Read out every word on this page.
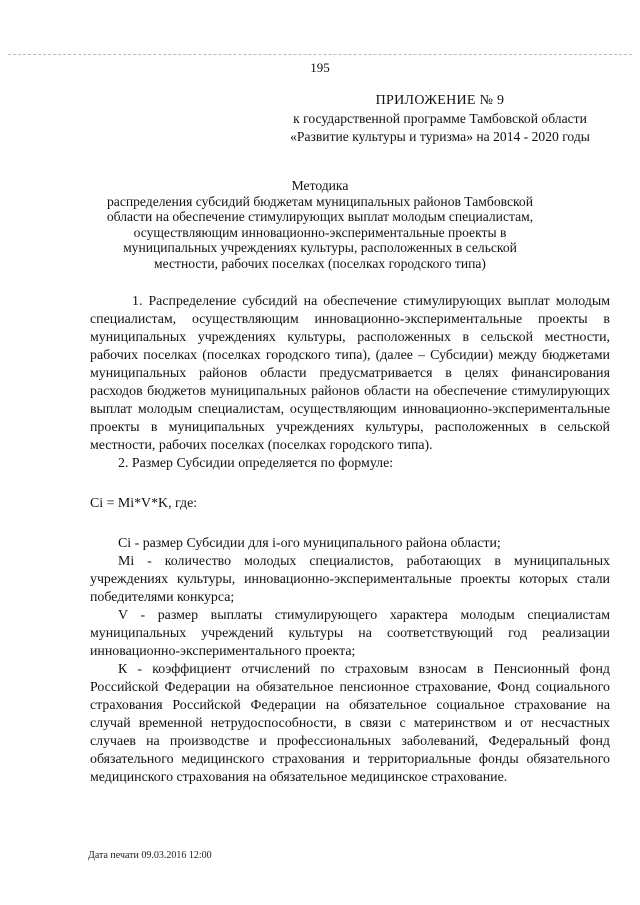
195
ПРИЛОЖЕНИЕ № 9
к государственной программе Тамбовской области
«Развитие культуры и туризма» на 2014 - 2020 годы
Методика
распределения субсидий бюджетам муниципальных районов Тамбовской
области на обеспечение стимулирующих выплат молодым специалистам,
осуществляющим инновационно-экспериментальные проекты в
муниципальных учреждениях культуры, расположенных в сельской
местности, рабочих поселках (поселках городского типа)

1. Распределение субсидий на обеспечение стимулирующих выплат молодым специалистам, осуществляющим инновационно-экспериментальные проекты в муниципальных учреждениях культуры, расположенных в сельской местности, рабочих поселках (поселках городского типа), (далее – Субсидии) между бюджетами муниципальных районов области предусматривается в целях финансирования расходов бюджетов муниципальных районов области на обеспечение стимулирующих выплат молодым специалистам, осуществляющим инновационно-экспериментальные проекты в муниципальных учреждениях культуры, расположенных в сельской местности, рабочих поселках (поселках городского типа).

2. Размер Субсидии определяется по формуле:

Ci = Mi*V*K, где:

Ci - размер Субсидии для i-ого муниципального района области;

Mi - количество молодых специалистов, работающих в муниципальных учреждениях культуры, инновационно-экспериментальные проекты которых стали победителями конкурса;

V - размер выплаты стимулирующего характера молодым специалистам муниципальных учреждений культуры на соответствующий год реализации инновационно-экспериментального проекта;

К - коэффициент отчислений по страховым взносам в Пенсионный фонд Российской Федерации на обязательное пенсионное страхование, Фонд социального страхования Российской Федерации на обязательное социальное страхование на случай временной нетрудоспособности, в связи с материнством и от несчастных случаев на производстве и профессиональных заболеваний, Федеральный фонд обязательного медицинского страхования и территориальные фонды обязательного медицинского страхования на обязательное медицинское страхование.

Дата печати 09.03.2016 12:00
